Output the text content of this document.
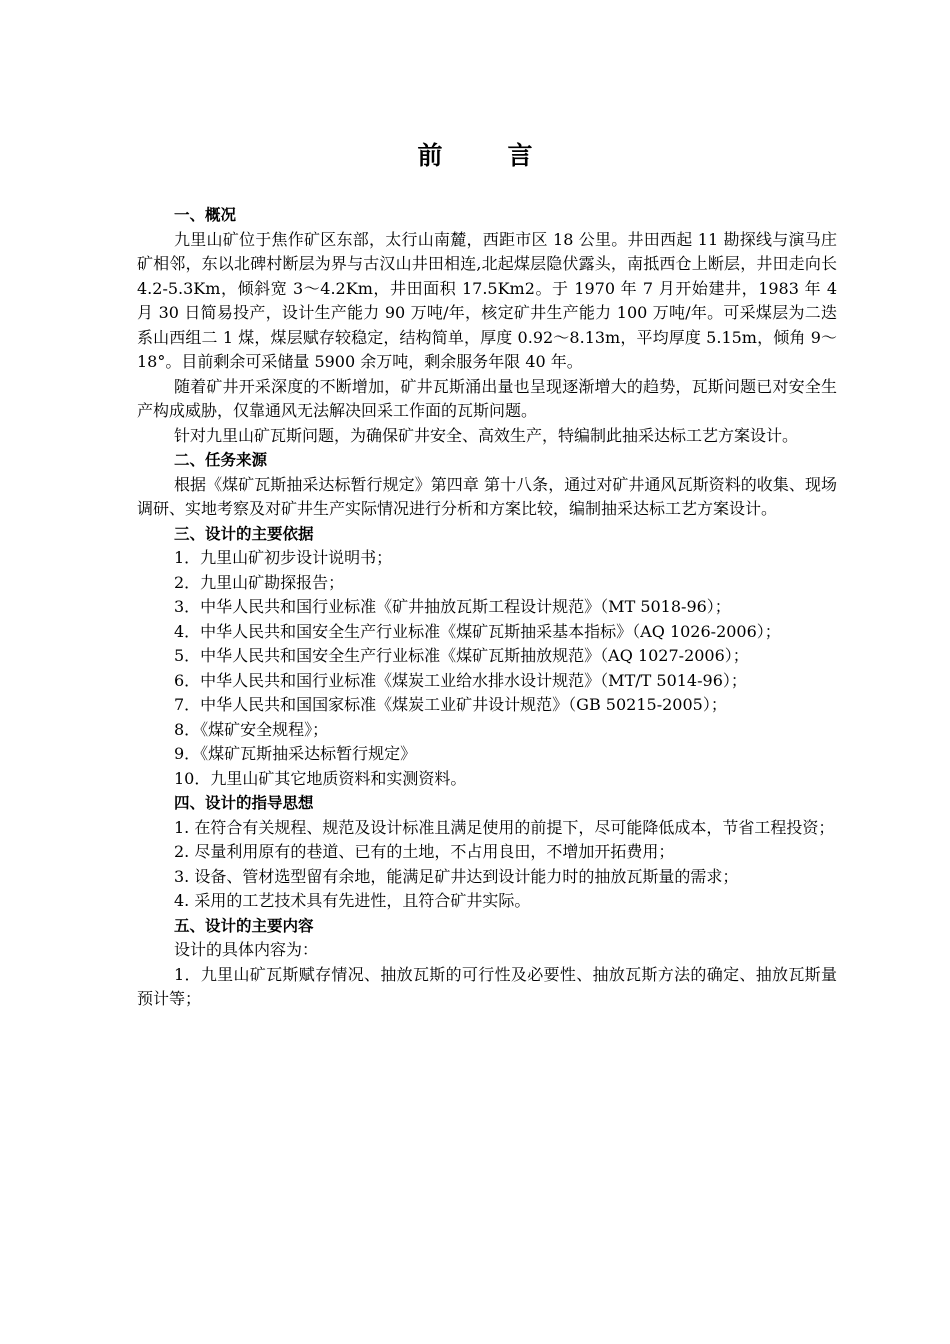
前　言

一、概况

九里山矿位于焦作矿区东部，太行山南麓，西距市区 18 公里。井田西起 11 勘探线与演马庄矿相邻，东以北碑村断层为界与古汉山井田相连,北起煤层隐伏露头，南抵西仓上断层，井田走向长 4.2-5.3Km，倾斜宽 3～4.2Km，井田面积 17.5Km2。于 1970 年 7 月开始建井，1983 年 4 月 30 日简易投产，设计生产能力 90 万吨/年，核定矿井生产能力 100 万吨/年。可采煤层为二迭系山西组二 1 煤，煤层赋存较稳定，结构简单，厚度 0.92～8.13m，平均厚度 5.15m，倾角 9～18°。目前剩余可采储量 5900 余万吨，剩余服务年限 40 年。

随着矿井开采深度的不断增加，矿井瓦斯涌出量也呈现逐渐增大的趋势，瓦斯问题已对安全生产构成威胁，仅靠通风无法解决回采工作面的瓦斯问题。

针对九里山矿瓦斯问题，为确保矿井安全、高效生产，特编制此抽采达标工艺方案设计。

二、任务来源

根据《煤矿瓦斯抽采达标暂行规定》第四章 第十八条，通过对矿井通风瓦斯资料的收集、现场调研、实地考察及对矿井生产实际情况进行分析和方案比较，编制抽采达标工艺方案设计。

三、设计的主要依据

1．九里山矿初步设计说明书；

2．九里山矿勘探报告；

3．中华人民共和国行业标准《矿井抽放瓦斯工程设计规范》（MT 5018-96）；

4．中华人民共和国安全生产行业标准《煤矿瓦斯抽采基本指标》（AQ 1026-2006）；

5．中华人民共和国安全生产行业标准《煤矿瓦斯抽放规范》（AQ 1027-2006）；

6．中华人民共和国行业标准《煤炭工业给水排水设计规范》（MT/T 5014-96）；

7．中华人民共和国国家标准《煤炭工业矿井设计规范》（GB 50215-2005）；

8．《煤矿安全规程》；

9．《煤矿瓦斯抽采达标暂行规定》

10．九里山矿其它地质资料和实测资料。

四、设计的指导思想

1. 在符合有关规程、规范及设计标准且满足使用的前提下，尽可能降低成本，节省工程投资；

2. 尽量利用原有的巷道、已有的土地，不占用良田，不增加开拓费用；

3. 设备、管材选型留有余地，能满足矿井达到设计能力时的抽放瓦斯量的需求；

4. 采用的工艺技术具有先进性，且符合矿井实际。

五、设计的主要内容

设计的具体内容为：

1．九里山矿瓦斯赋存情况、抽放瓦斯的可行性及必要性、抽放瓦斯方法的确定、抽放瓦斯量预计等；
